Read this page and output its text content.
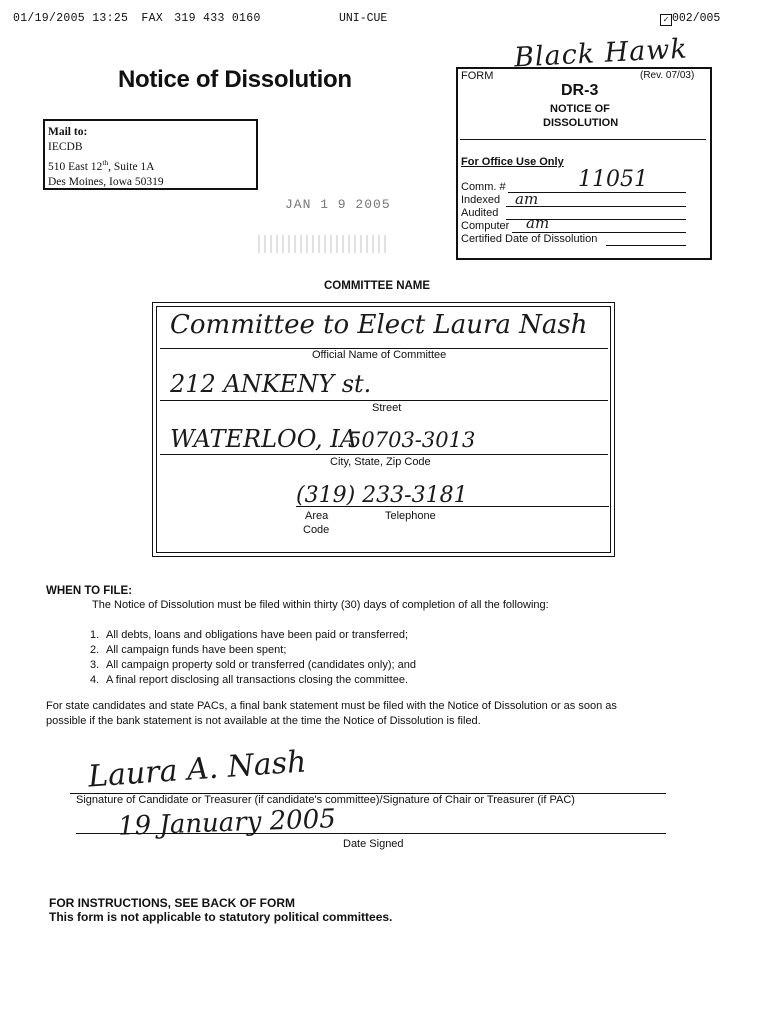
01/19/2005 13:25 FAX 319 433 0160	UNI-CUE	✓ 002/005
Black Hawk
Notice of Dissolution
Mail to:
IECDB
510 East 12th, Suite 1A
Des Moines, Iowa 50319
FORM	(Rev. 07/03)
DR-3
NOTICE OF
DISSOLUTION
For Office Use Only
Comm. #	11051
Indexed am
Audited
Computer am
Certified Date of Dissolution
JAN 1 9 2005
COMMITTEE NAME
Committee to Elect Laura Nash
Official Name of Committee
212 ANKENY st.
Street
WATERLOO, IA
50703-3013
City, State, Zip Code
(319) 233-3181
Area
Code
Telephone
WHEN TO FILE:
The Notice of Dissolution must be filed within thirty (30) days of completion of all the following:
1. All debts, loans and obligations have been paid or transferred;
2. All campaign funds have been spent;
3. All campaign property sold or transferred (candidates only); and
4. A final report disclosing all transactions closing the committee.
For state candidates and state PACs, a final bank statement must be filed with the Notice of Dissolution or as soon as
possible if the bank statement is not available at the time the Notice of Dissolution is filed.
Laura A. Nash
Signature of Candidate or Treasurer (if candidate's committee)/Signature of Chair or Treasurer (if PAC)
19 January 2005
Date Signed
FOR INSTRUCTIONS, SEE BACK OF FORM
This form is not applicable to statutory political committees.
